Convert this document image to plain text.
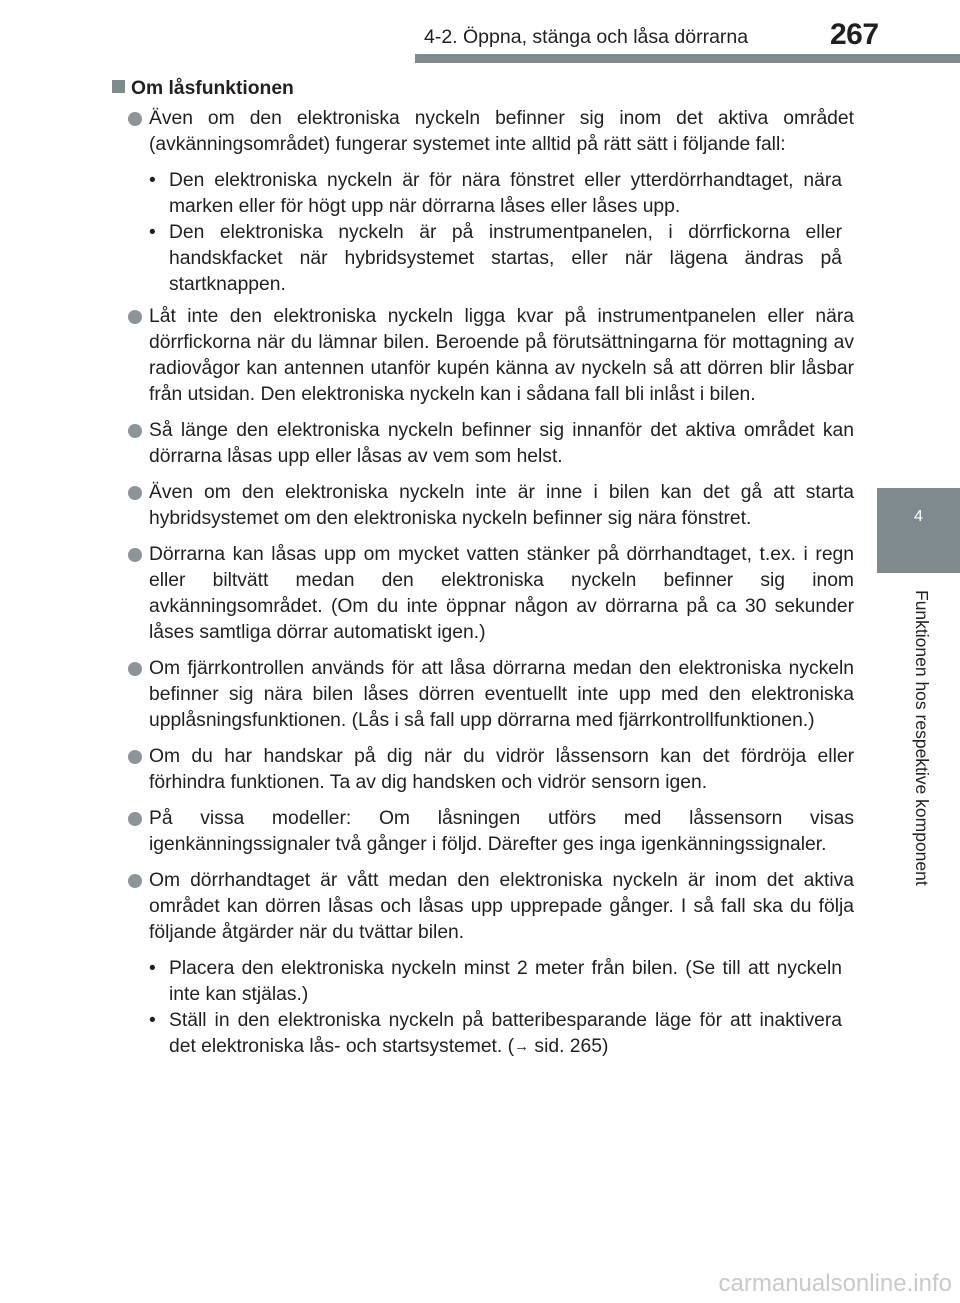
4-2. Öppna, stänga och låsa dörrarna	267
4
Funktionen hos respektive komponent
Om låsfunktionen
Även om den elektroniska nyckeln befinner sig inom det aktiva området (avkänningsområdet) fungerar systemet inte alltid på rätt sätt i följande fall:
• Den elektroniska nyckeln är för nära fönstret eller ytterdörrhandtaget, nära marken eller för högt upp när dörrarna låses eller låses upp.
• Den elektroniska nyckeln är på instrumentpanelen, i dörrfickorna eller handskfacket när hybridsystemet startas, eller när lägena ändras på startknappen.
Låt inte den elektroniska nyckeln ligga kvar på instrumentpanelen eller nära dörrfickorna när du lämnar bilen. Beroende på förutsättningarna för mottagning av radiovågor kan antennen utanför kupén känna av nyckeln så att dörren blir låsbar från utsidan. Den elektroniska nyckeln kan i sådana fall bli inlåst i bilen.
Så länge den elektroniska nyckeln befinner sig innanför det aktiva området kan dörrarna låsas upp eller låsas av vem som helst.
Även om den elektroniska nyckeln inte är inne i bilen kan det gå att starta hybridsystemet om den elektroniska nyckeln befinner sig nära fönstret.
Dörrarna kan låsas upp om mycket vatten stänker på dörrhandtaget, t.ex. i regn eller biltvätt medan den elektroniska nyckeln befinner sig inom avkänningsområdet. (Om du inte öppnar någon av dörrarna på ca 30 sekunder låses samtliga dörrar automatiskt igen.)
Om fjärrkontrollen används för att låsa dörrarna medan den elektroniska nyckeln befinner sig nära bilen låses dörren eventuellt inte upp med den elektroniska upplåsningsfunktionen. (Lås i så fall upp dörrarna med fjärrkontrollfunktionen.)
Om du har handskar på dig när du vidrör låssensorn kan det fördröja eller förhindra funktionen. Ta av dig handsken och vidrör sensorn igen.
På vissa modeller: Om låsningen utförs med låssensorn visas igenkänningssignaler två gånger i följd. Därefter ges inga igenkänningssignaler.
Om dörrhandtaget är vått medan den elektroniska nyckeln är inom det aktiva området kan dörren låsas och låsas upp upprepade gånger. I så fall ska du följa följande åtgärder när du tvättar bilen.
• Placera den elektroniska nyckeln minst 2 meter från bilen. (Se till att nyckeln inte kan stjälas.)
• Ställ in den elektroniska nyckeln på batteribesparande läge för att inaktivera det elektroniska lås- och startsystemet. (→ sid. 265)
carmanualsonline.info
